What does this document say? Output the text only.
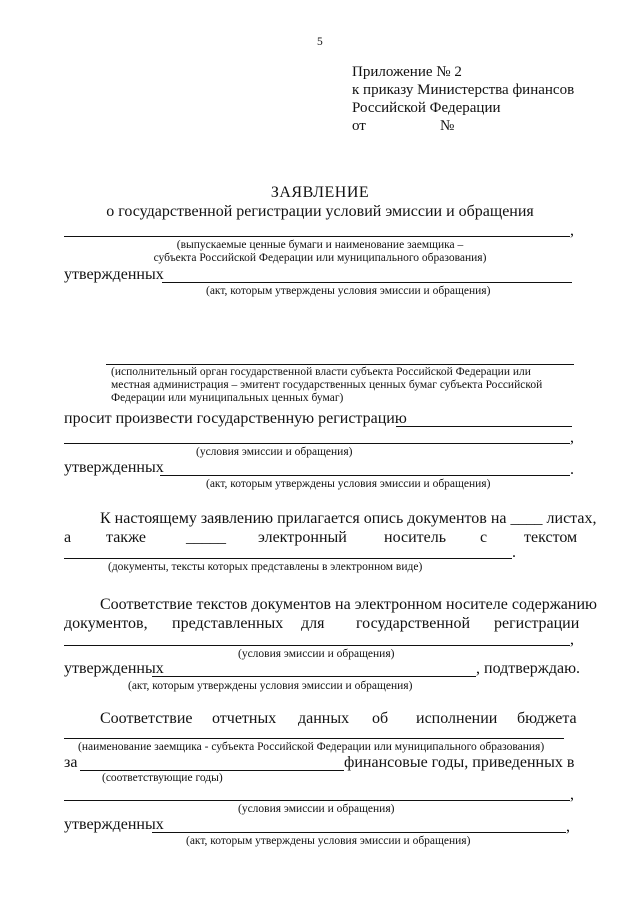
5
Приложение № 2
к приказу Министерства финансов
Российской Федерации
от	№
ЗАЯВЛЕНИЕ
о государственной регистрации условий эмиссии и обращения
,
(выпускаемые ценные бумаги и наименование заемщика –
субъекта Российской Федерации или муниципального образования)
утвержденных
(акт, которым утверждены условия эмиссии и обращения)
(исполнительный орган государственной власти субъекта Российской Федерации или
местная администрация – эмитент государственных ценных бумаг субъекта Российской
Федерации или муниципальных ценных бумаг)
просит произвести государственную регистрацию
,
(условия эмиссии и обращения)
утвержденных	.
(акт, которым утверждены условия эмиссии и обращения)
К настоящему заявлению прилагается опись документов на ____ листах,
а также _____ электронный носитель с текстом
.
(документы, тексты которых представлены в электронном виде)
Соответствие текстов документов на электронном носителе содержанию
документов, представленных для государственной регистрации
,
(условия эмиссии и обращения)
утвержденных	, подтверждаю.
(акт, которым утверждены условия эмиссии и обращения)
Соответствие отчетных данных об исполнении бюджета
(наименование заемщика - субъекта Российской Федерации или муниципального образования)
за	финансовые годы, приведенных в
(соответствующие годы)
,
(условия эмиссии и обращения)
утвержденных	,
(акт, которым утверждены условия эмиссии и обращения)
